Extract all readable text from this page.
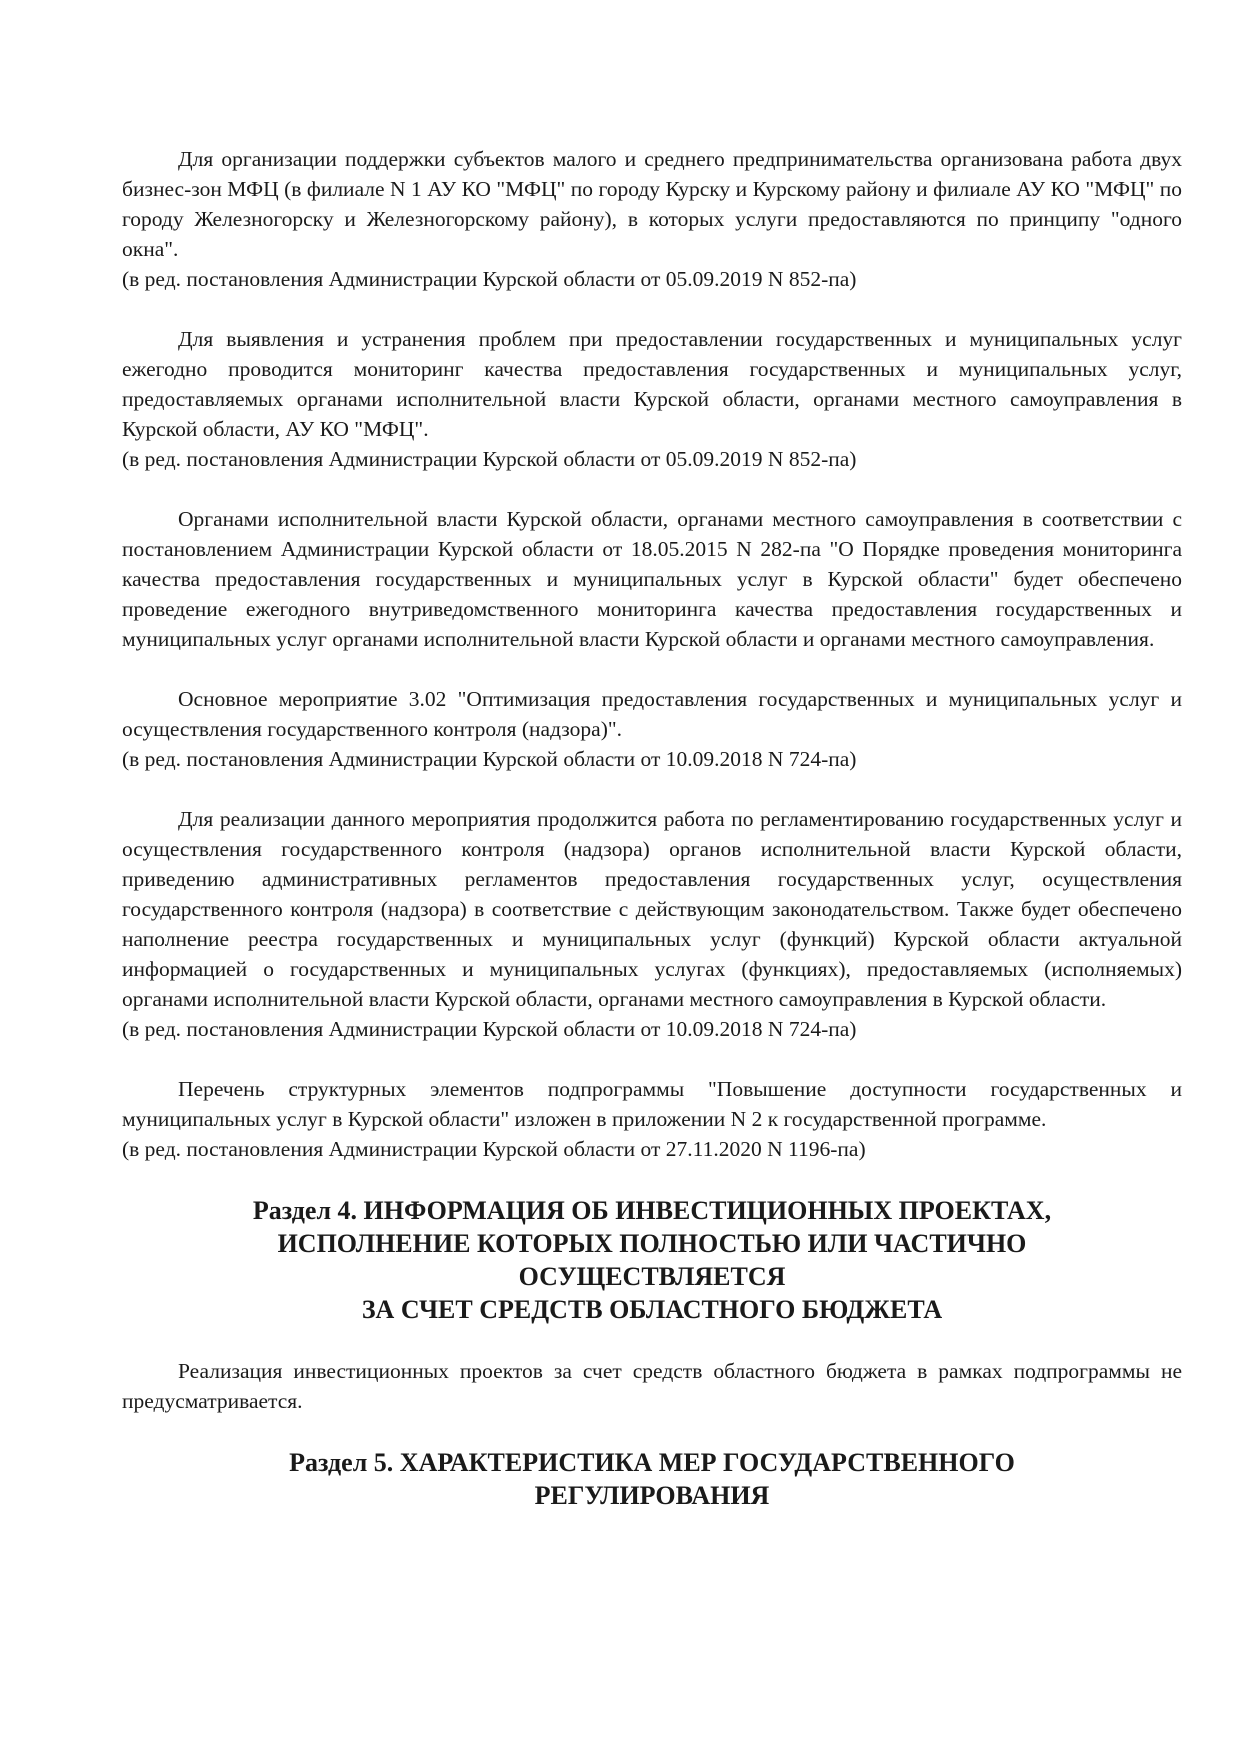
Для организации поддержки субъектов малого и среднего предпринимательства организована работа двух бизнес-зон МФЦ (в филиале N 1 АУ КО "МФЦ" по городу Курску и Курскому району и филиале АУ КО "МФЦ" по городу Железногорску и Железногорскому району), в которых услуги предоставляются по принципу "одного окна".

(в ред. постановления Администрации Курской области от 05.09.2019 N 852-па)

Для выявления и устранения проблем при предоставлении государственных и муниципальных услуг ежегодно проводится мониторинг качества предоставления государственных и муниципальных услуг, предоставляемых органами исполнительной власти Курской области, органами местного самоуправления в Курской области, АУ КО "МФЦ".

(в ред. постановления Администрации Курской области от 05.09.2019 N 852-па)

Органами исполнительной власти Курской области, органами местного самоуправления в соответствии с постановлением Администрации Курской области от 18.05.2015 N 282-па "О Порядке проведения мониторинга качества предоставления государственных и муниципальных услуг в Курской области" будет обеспечено проведение ежегодного внутриведомственного мониторинга качества предоставления государственных и муниципальных услуг органами исполнительной власти Курской области и органами местного самоуправления.

Основное мероприятие 3.02 "Оптимизация предоставления государственных и муниципальных услуг и осуществления государственного контроля (надзора)".

(в ред. постановления Администрации Курской области от 10.09.2018 N 724-па)

Для реализации данного мероприятия продолжится работа по регламентированию государственных услуг и осуществления государственного контроля (надзора) органов исполнительной власти Курской области, приведению административных регламентов предоставления государственных услуг, осуществления государственного контроля (надзора) в соответствие с действующим законодательством. Также будет обеспечено наполнение реестра государственных и муниципальных услуг (функций) Курской области актуальной информацией о государственных и муниципальных услугах (функциях), предоставляемых (исполняемых) органами исполнительной власти Курской области, органами местного самоуправления в Курской области.

(в ред. постановления Администрации Курской области от 10.09.2018 N 724-па)

Перечень структурных элементов подпрограммы "Повышение доступности государственных и муниципальных услуг в Курской области" изложен в приложении N 2 к государственной программе.

(в ред. постановления Администрации Курской области от 27.11.2020 N 1196-па)

Раздел 4. ИНФОРМАЦИЯ ОБ ИНВЕСТИЦИОННЫХ ПРОЕКТАХ,
ИСПОЛНЕНИЕ КОТОРЫХ ПОЛНОСТЬЮ ИЛИ ЧАСТИЧНО
ОСУЩЕСТВЛЯЕТСЯ
ЗА СЧЕТ СРЕДСТВ ОБЛАСТНОГО БЮДЖЕТА

Реализация инвестиционных проектов за счет средств областного бюджета в рамках подпрограммы не предусматривается.

Раздел 5. ХАРАКТЕРИСТИКА МЕР ГОСУДАРСТВЕННОГО
РЕГУЛИРОВАНИЯ
